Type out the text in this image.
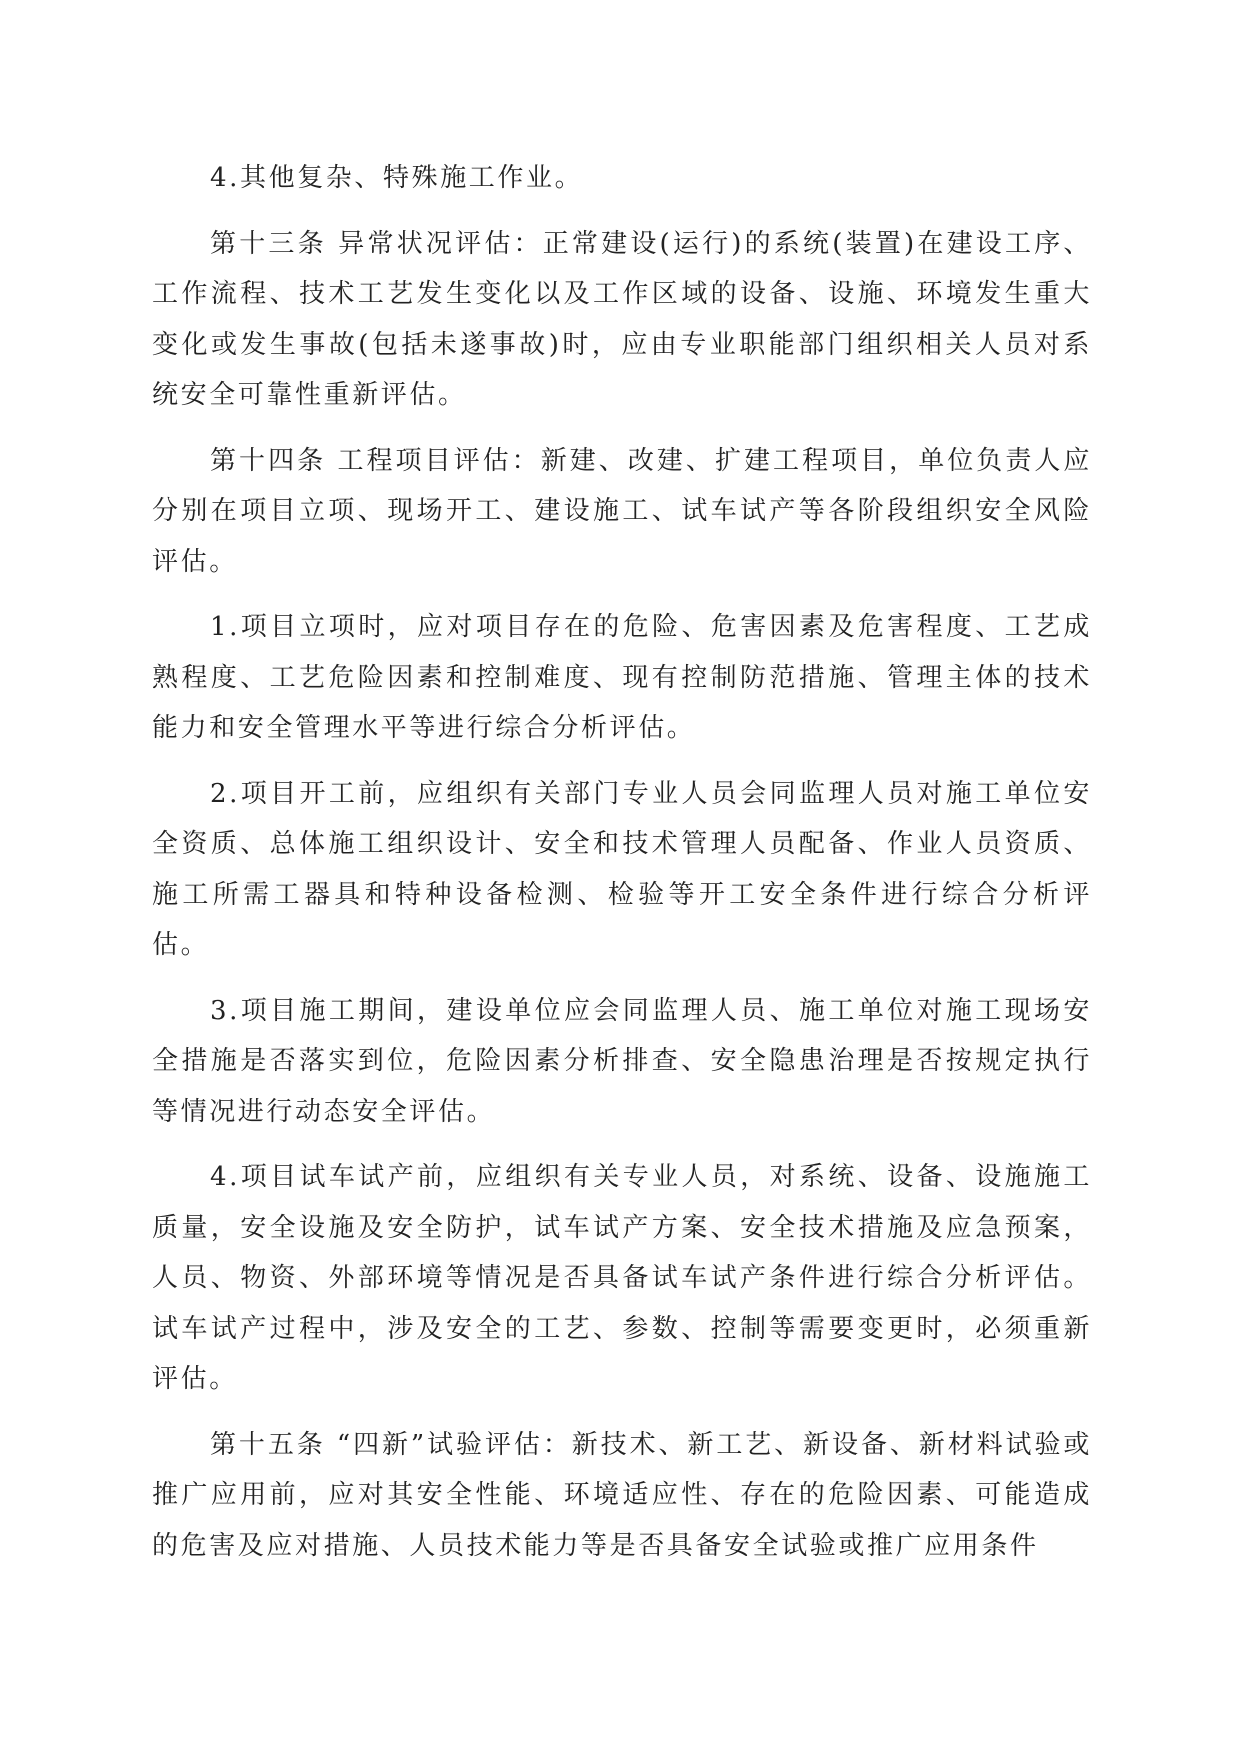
4.其他复杂、特殊施工作业。

第十三条 异常状况评估：正常建设(运行)的系统(装置)在建设工序、工作流程、技术工艺发生变化以及工作区域的设备、设施、环境发生重大变化或发生事故(包括未遂事故)时，应由专业职能部门组织相关人员对系统安全可靠性重新评估。

第十四条 工程项目评估：新建、改建、扩建工程项目，单位负责人应分别在项目立项、现场开工、建设施工、试车试产等各阶段组织安全风险评估。

1.项目立项时，应对项目存在的危险、危害因素及危害程度、工艺成熟程度、工艺危险因素和控制难度、现有控制防范措施、管理主体的技术能力和安全管理水平等进行综合分析评估。

2.项目开工前，应组织有关部门专业人员会同监理人员对施工单位安全资质、总体施工组织设计、安全和技术管理人员配备、作业人员资质、施工所需工器具和特种设备检测、检验等开工安全条件进行综合分析评估。

3.项目施工期间，建设单位应会同监理人员、施工单位对施工现场安全措施是否落实到位，危险因素分析排查、安全隐患治理是否按规定执行等情况进行动态安全评估。

4.项目试车试产前，应组织有关专业人员，对系统、设备、设施施工质量，安全设施及安全防护，试车试产方案、安全技术措施及应急预案，人员、物资、外部环境等情况是否具备试车试产条件进行综合分析评估。试车试产过程中，涉及安全的工艺、参数、控制等需要变更时，必须重新评估。

第十五条 “四新”试验评估：新技术、新工艺、新设备、新材料试验或推广应用前，应对其安全性能、环境适应性、存在的危险因素、可能造成的危害及应对措施、人员技术能力等是否具备安全试验或推广应用条件
